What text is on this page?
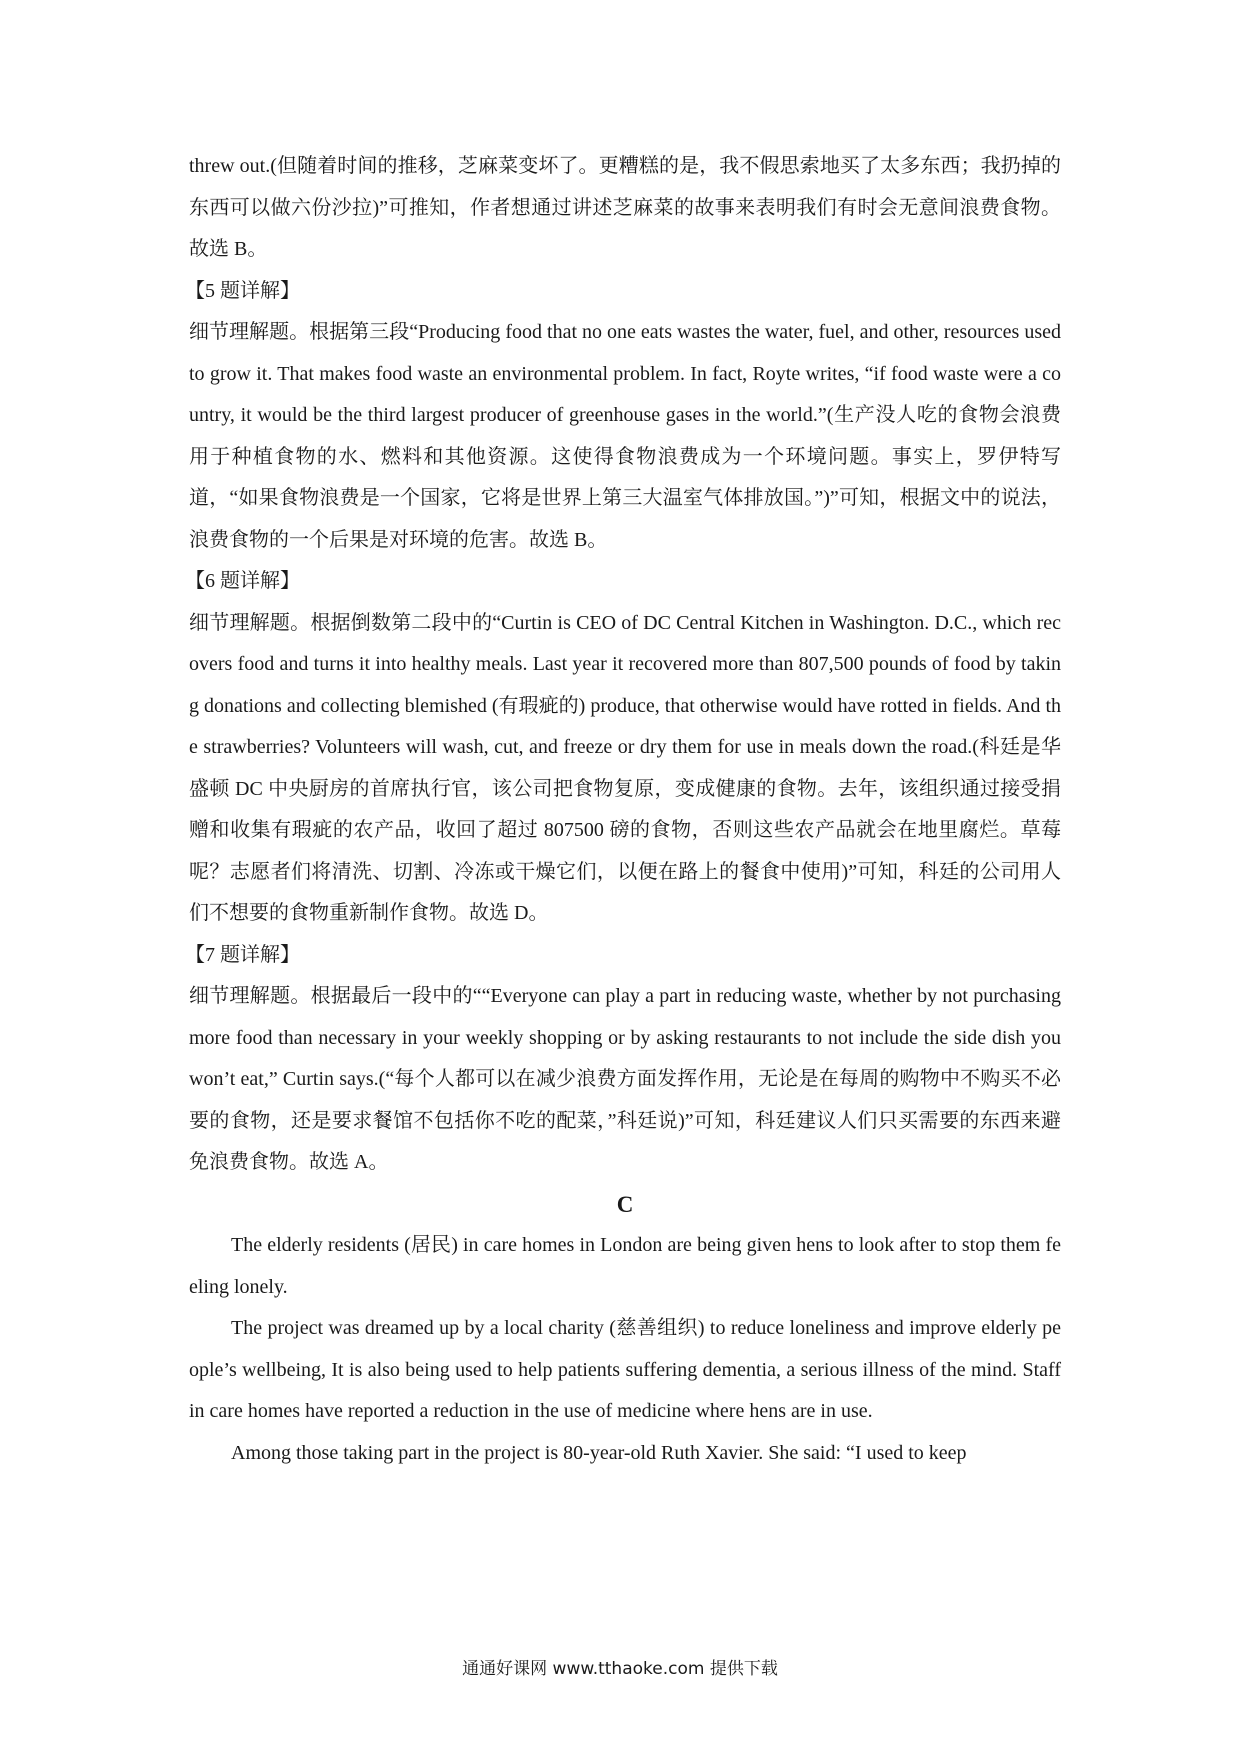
threw out.(但随着时间的推移，芝麻菜变坏了。更糟糕的是，我不假思索地买了太多东西；我扔掉的东西可以做六份沙拉)”可推知，作者想通过讲述芝麻菜的故事来表明我们有时会无意间浪费食物。故选 B。

【5 题详解】

细节理解题。根据第三段“Producing food that no one eats wastes the water, fuel, and other, resources used to grow it. That makes food waste an environmental problem. In fact, Royte writes, “if food waste were a country, it would be the third largest producer of greenhouse gases in the world.”(生产没人吃的食物会浪费用于种植食物的水、燃料和其他资源。这使得食物浪费成为一个环境问题。事实上，罗伊特写道，“如果食物浪费是一个国家，它将是世界上第三大温室气体排放国。”)”可知，根据文中的说法，浪费食物的一个后果是对环境的危害。故选 B。

【6 题详解】

细节理解题。根据倒数第二段中的“Curtin is CEO of DC Central Kitchen in Washington. D.C., which recovers food and turns it into healthy meals. Last year it recovered more than 807,500 pounds of food by taking donations and collecting blemished (有瑕疵的) produce, that otherwise would have rotted in fields. And the strawberries? Volunteers will wash, cut, and freeze or dry them for use in meals down the road.(科廷是华盛顿 DC 中央厨房的首席执行官，该公司把食物复原，变成健康的食物。去年，该组织通过接受捐赠和收集有瑕疵的农产品，收回了超过 807500 磅的食物，否则这些农产品就会在地里腐烂。草莓呢？志愿者们将清洗、切割、冷冻或干燥它们，以便在路上的餐食中使用)”可知，科廷的公司用人们不想要的食物重新制作食物。故选 D。

【7 题详解】

细节理解题。根据最后一段中的““Everyone can play a part in reducing waste, whether by not purchasing more food than necessary in your weekly shopping or by asking restaurants to not include the side dish you won’t eat,” Curtin says.(“每个人都可以在减少浪费方面发挥作用，无论是在每周的购物中不购买不必要的食物，还是要求餐馆不包括你不吃的配菜，”科廷说)”可知，科廷建议人们只买需要的东西来避免浪费食物。故选 A。

C

The elderly residents (居民) in care homes in London are being given hens to look after to stop them feeling lonely.

The project was dreamed up by a local charity (慈善组织) to reduce loneliness and improve elderly people’s wellbeing, It is also being used to help patients suffering dementia, a serious illness of the mind. Staff in care homes have reported a reduction in the use of medicine where hens are in use.

Among those taking part in the project is 80-year-old Ruth Xavier. She said: “I used to keep

通通好课网 www.tthaoke.com 提供下载
